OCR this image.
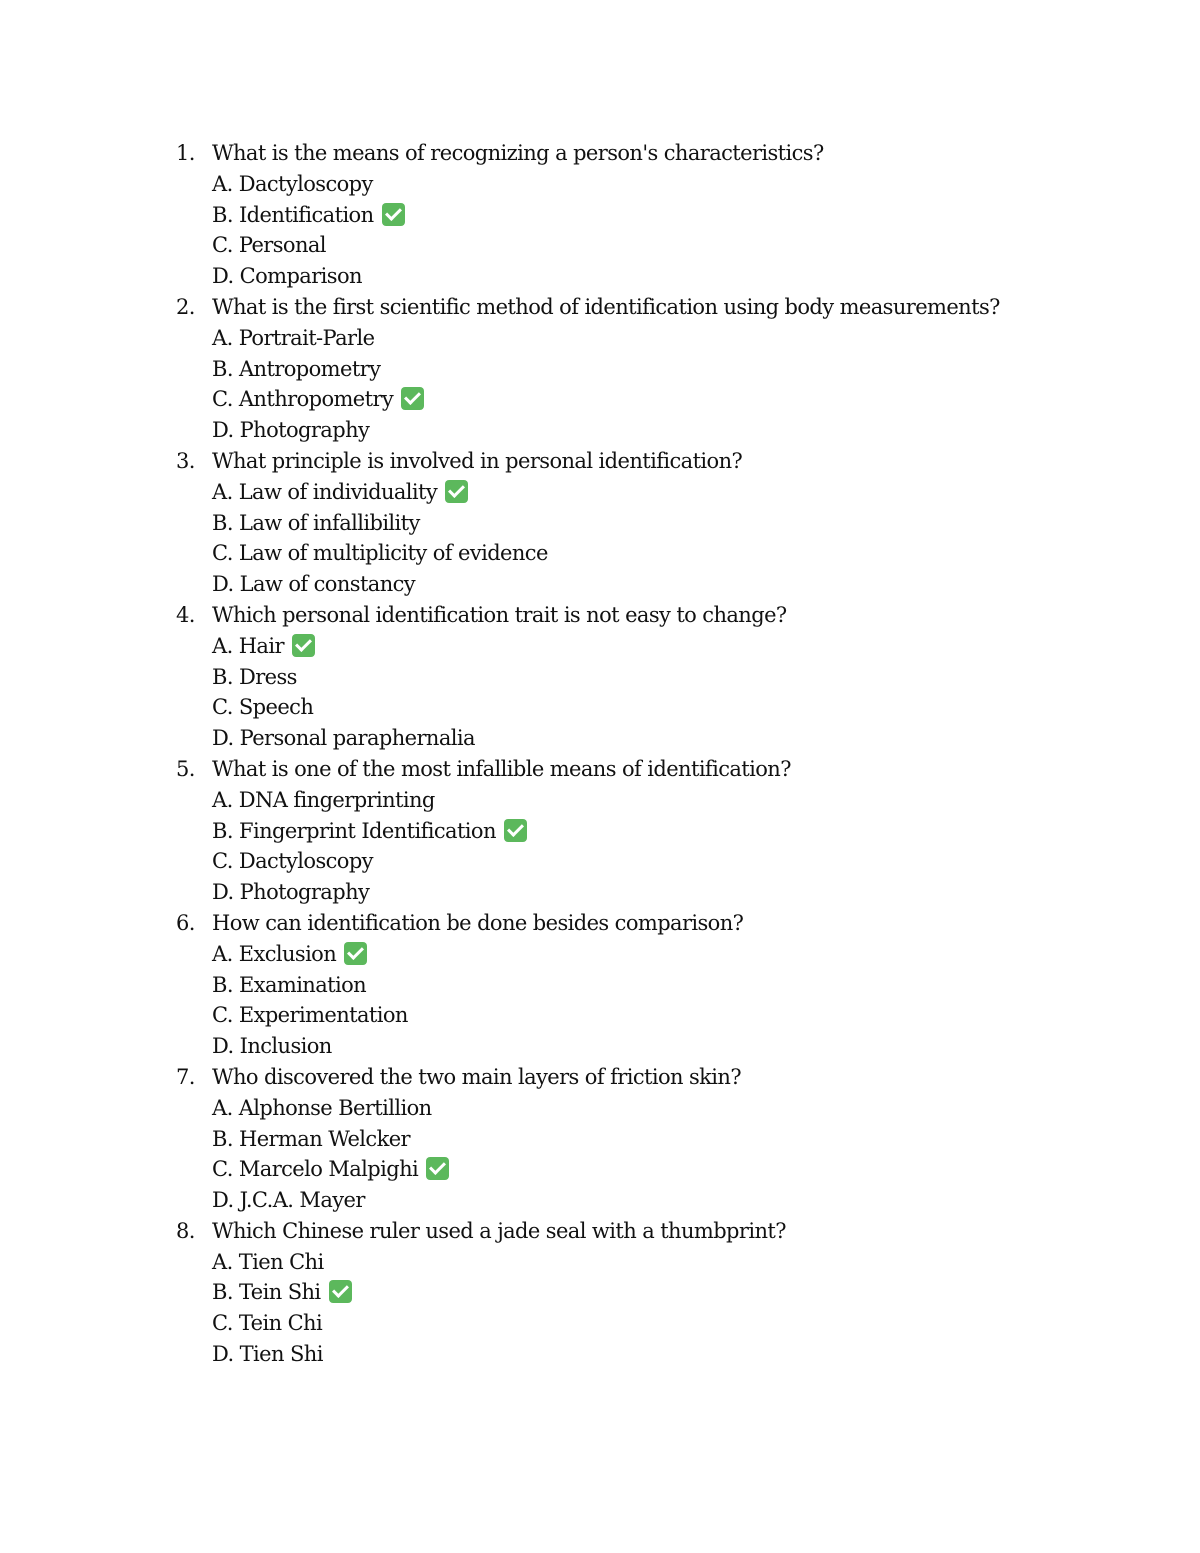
1. What is the means of recognizing a person's characteristics?
A. Dactyloscopy
B. Identification
C. Personal
D. Comparison
2. What is the first scientific method of identification using body measurements?
A. Portrait-Parle
B. Antropometry
C. Anthropometry
D. Photography
3. What principle is involved in personal identification?
A. Law of individuality
B. Law of infallibility
C. Law of multiplicity of evidence
D. Law of constancy
4. Which personal identification trait is not easy to change?
A. Hair
B. Dress
C. Speech
D. Personal paraphernalia
5. What is one of the most infallible means of identification?
A. DNA fingerprinting
B. Fingerprint Identification
C. Dactyloscopy
D. Photography
6. How can identification be done besides comparison?
A. Exclusion
B. Examination
C. Experimentation
D. Inclusion
7. Who discovered the two main layers of friction skin?
A. Alphonse Bertillion
B. Herman Welcker
C. Marcelo Malpighi
D. J.C.A. Mayer
8. Which Chinese ruler used a jade seal with a thumbprint?
A. Tien Chi
B. Tein Shi
C. Tein Chi
D. Tien Shi
